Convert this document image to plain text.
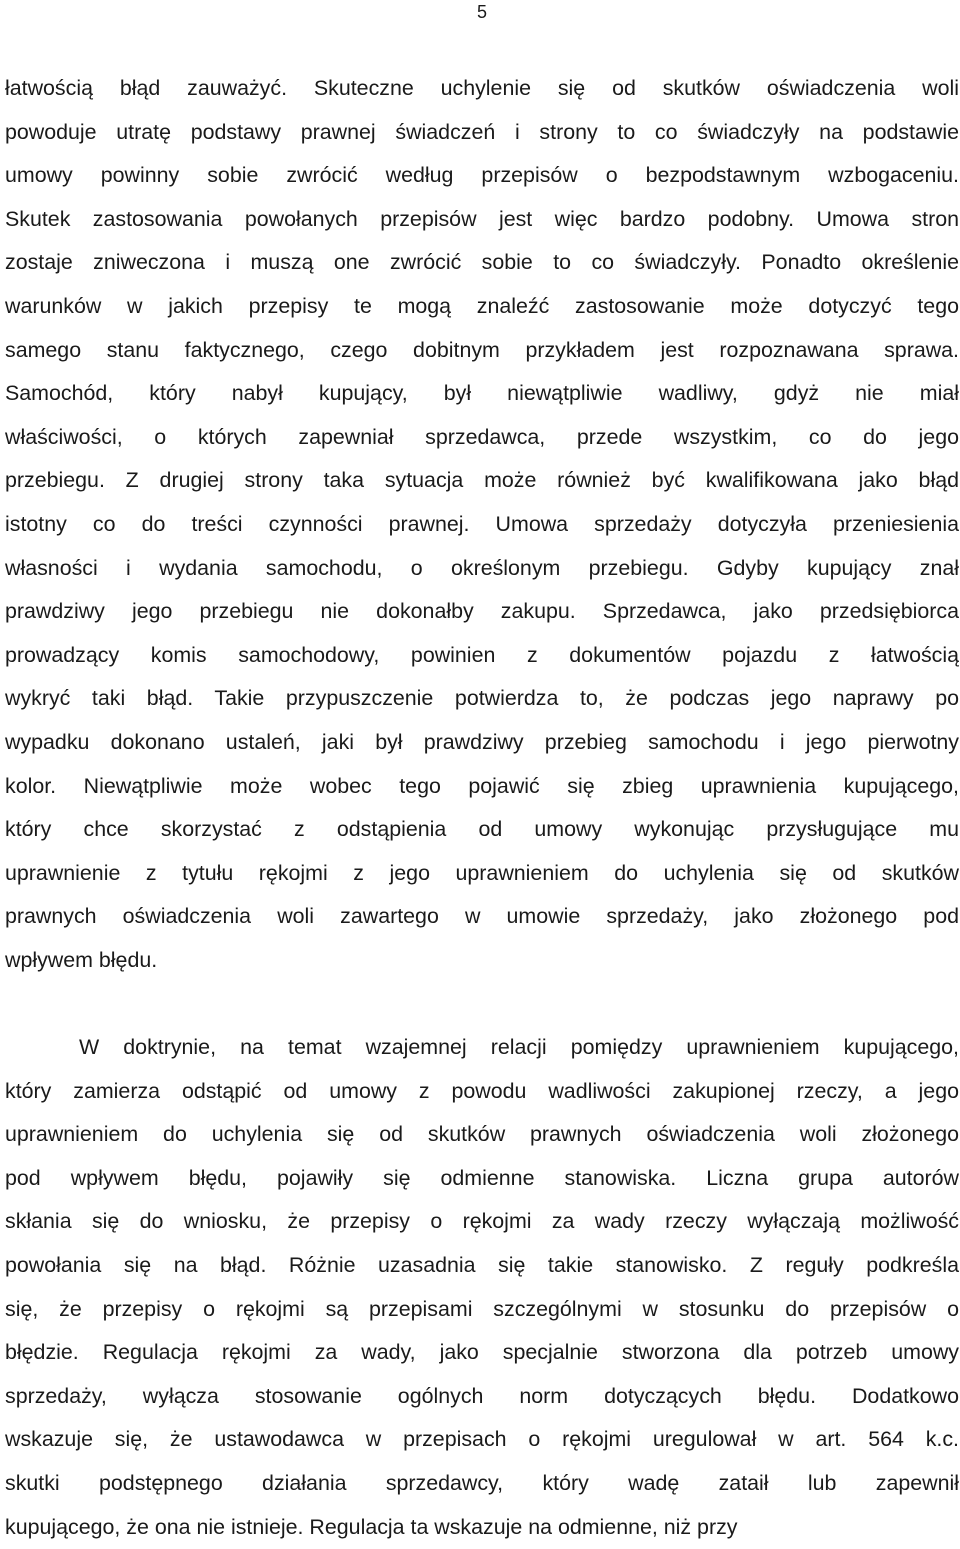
5
łatwością błąd zauważyć. Skuteczne uchylenie się od skutków oświadczenia woli
powoduje utratę podstawy prawnej świadczeń i strony to co świadczyły na podstawie
umowy powinny sobie zwrócić według przepisów o bezpodstawnym wzbogaceniu.
Skutek zastosowania powołanych przepisów jest więc bardzo podobny. Umowa stron
zostaje zniweczona i muszą one zwrócić sobie to co świadczyły. Ponadto określenie
warunków w jakich przepisy te mogą znaleźć zastosowanie może dotyczyć tego
samego stanu faktycznego, czego dobitnym przykładem jest rozpoznawana sprawa.
Samochód, który nabył kupujący, był niewątpliwie wadliwy, gdyż nie miał
właściwości, o których zapewniał sprzedawca, przede wszystkim, co do jego
przebiegu. Z drugiej strony taka sytuacja może również być kwalifikowana jako błąd
istotny co do treści czynności prawnej. Umowa sprzedaży dotyczyła przeniesienia
własności i wydania samochodu, o określonym przebiegu. Gdyby kupujący znał
prawdziwy jego przebiegu nie dokonałby zakupu. Sprzedawca, jako przedsiębiorca
prowadzący komis samochodowy, powinien z dokumentów pojazdu z łatwością
wykryć taki błąd. Takie przypuszczenie potwierdza to, że podczas jego naprawy po
wypadku dokonano ustaleń, jaki był prawdziwy przebieg samochodu i jego pierwotny
kolor. Niewątpliwie może wobec tego pojawić się zbieg uprawnienia kupującego,
który chce skorzystać z odstąpienia od umowy wykonując przysługujące mu
uprawnienie z tytułu rękojmi z jego uprawnieniem do uchylenia się od skutków
prawnych oświadczenia woli zawartego w umowie sprzedaży, jako złożonego pod
wpływem błędu.
W doktrynie, na temat wzajemnej relacji pomiędzy uprawnieniem kupującego,
który zamierza odstąpić od umowy z powodu wadliwości zakupionej rzeczy, a jego
uprawnieniem do uchylenia się od skutków prawnych oświadczenia woli złożonego
pod wpływem błędu, pojawiły się odmienne stanowiska. Liczna grupa autorów
skłania się do wniosku, że przepisy o rękojmi za wady rzeczy wyłączają możliwość
powołania się na błąd. Różnie uzasadnia się takie stanowisko. Z reguły podkreśla
się, że przepisy o rękojmi są przepisami szczególnymi w stosunku do przepisów o
błędzie. Regulacja rękojmi za wady, jako specjalnie stworzona dla potrzeb umowy
sprzedaży, wyłącza stosowanie ogólnych norm dotyczących błędu. Dodatkowo
wskazuje się, że ustawodawca w przepisach o rękojmi uregulował w art. 564 k.c.
skutki podstępnego działania sprzedawcy, który wadę zataił lub zapewnił
kupującego, że ona nie istnieje. Regulacja ta wskazuje na odmienne, niż przy
